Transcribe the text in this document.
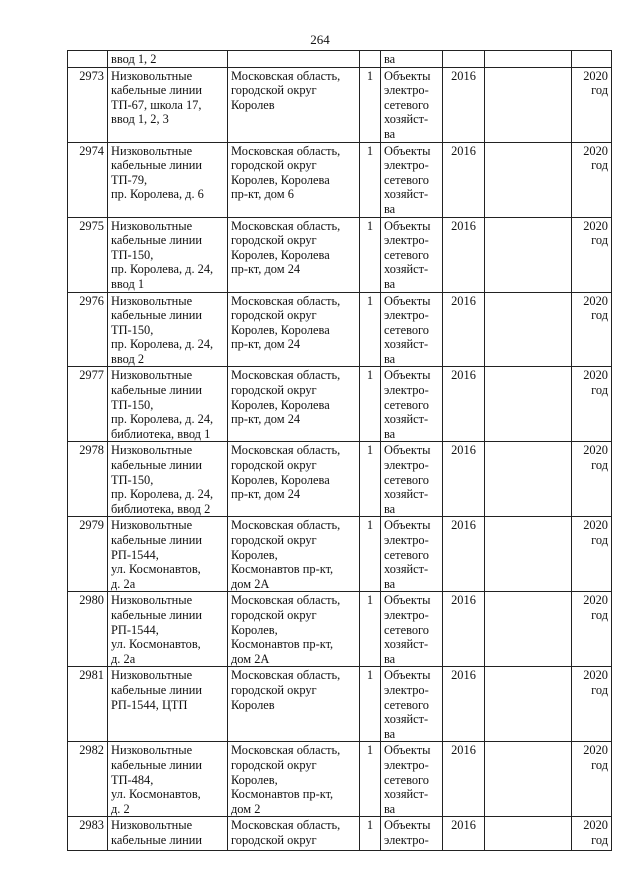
264
	ввод 1, 2			ва			
2973	Низковольтные
кабельные линии
ТП-67, школа 17,
ввод 1, 2, 3	Московская область,
городской округ
Королев	1	Объекты
электро-
сетевого
хозяйст-
ва	2016		2020
год
2974	Низковольтные
кабельные линии
ТП-79,
пр. Королева, д. 6	Московская область,
городской округ
Королев, Королева
пр-кт, дом 6	1	Объекты
электро-
сетевого
хозяйст-
ва	2016		2020
год
2975	Низковольтные
кабельные линии
ТП-150,
пр. Королева, д. 24,
ввод 1	Московская область,
городской округ
Королев, Королева
пр-кт, дом 24	1	Объекты
электро-
сетевого
хозяйст-
ва	2016		2020
год
2976	Низковольтные
кабельные линии
ТП-150,
пр. Королева, д. 24,
ввод 2	Московская область,
городской округ
Королев, Королева
пр-кт, дом 24	1	Объекты
электро-
сетевого
хозяйст-
ва	2016		2020
год
2977	Низковольтные
кабельные линии
ТП-150,
пр. Королева, д. 24,
библиотека, ввод 1	Московская область,
городской округ
Королев, Королева
пр-кт, дом 24	1	Объекты
электро-
сетевого
хозяйст-
ва	2016		2020
год
2978	Низковольтные
кабельные линии
ТП-150,
пр. Королева, д. 24,
библиотека, ввод 2	Московская область,
городской округ
Королев, Королева
пр-кт, дом 24	1	Объекты
электро-
сетевого
хозяйст-
ва	2016		2020
год
2979	Низковольтные
кабельные линии
РП-1544,
ул. Космонавтов,
д. 2а	Московская область,
городской округ
Королев,
Космонавтов пр-кт,
дом 2А	1	Объекты
электро-
сетевого
хозяйст-
ва	2016		2020
год
2980	Низковольтные
кабельные линии
РП-1544,
ул. Космонавтов,
д. 2а	Московская область,
городской округ
Королев,
Космонавтов пр-кт,
дом 2А	1	Объекты
электро-
сетевого
хозяйст-
ва	2016		2020
год
2981	Низковольтные
кабельные линии
РП-1544, ЦТП	Московская область,
городской округ
Королев	1	Объекты
электро-
сетевого
хозяйст-
ва	2016		2020
год
2982	Низковольтные
кабельные линии
ТП-484,
ул. Космонавтов,
д. 2	Московская область,
городской округ
Королев,
Космонавтов пр-кт,
дом 2	1	Объекты
электро-
сетевого
хозяйст-
ва	2016		2020
год
2983	Низковольтные
кабельные линии	Московская область,
городской округ	1	Объекты
электро-	2016		2020
год
